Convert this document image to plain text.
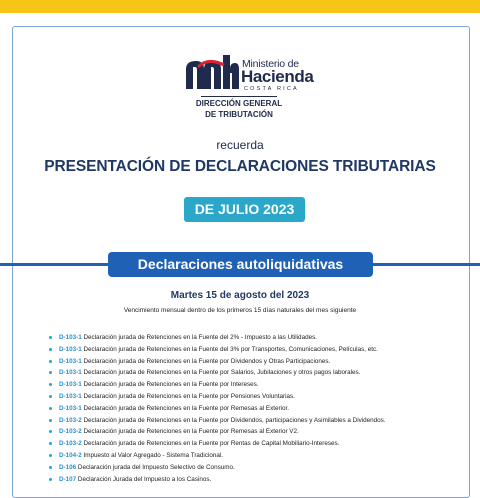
Ministerio de
Hacienda
COSTA RICA
DIRECCIÓN GENERAL
DE TRIBUTACIÓN
recuerda
PRESENTACIÓN DE DECLARACIONES TRIBUTARIAS
DE JULIO 2023
Declaraciones autoliquidativas
Martes 15 de agosto del 2023
Vencimiento mensual dentro de los primeros 15 días naturales del mes siguiente
D-103-1 Declaración jurada de Retenciones en la Fuente del 2% - Impuesto a las Utilidades.
D-103-1 Declaración jurada de Retenciones en la Fuente del 3% por Transportes, Comunicaciones, Películas, etc.
D-103-1 Declaración jurada de Retenciones en la Fuente por Dividendos y Otras Participaciones.
D-103-1 Declaración jurada de Retenciones en la Fuente por Salarios, Jubilaciones y otros pagos laborales.
D-103-1 Declaración jurada de Retenciones en la Fuente por Intereses.
D-103-1 Declaración jurada de Retenciones en la Fuente por Pensiones Voluntarias.
D-103-1 Declaración jurada de Retenciones en la Fuente por Remesas al Exterior.
D-103-2 Declaración jurada de Retenciones en la Fuente por Dividendos, participaciones y Asimilables a Dividendos.
D-103-2 Declaración jurada de Retenciones en la Fuente por Remesas al Exterior V2.
D-103-2 Declaración jurada de Retenciones en la Fuente por Rentas de Capital Mobiliario-Intereses.
D-104-2 Impuesto al Valor Agregado - Sistema Tradicional.
D-106 Declaración jurada del Impuesto Selectivo de Consumo.
D-107 Declaración Jurada del Impuesto a los Casinos.
